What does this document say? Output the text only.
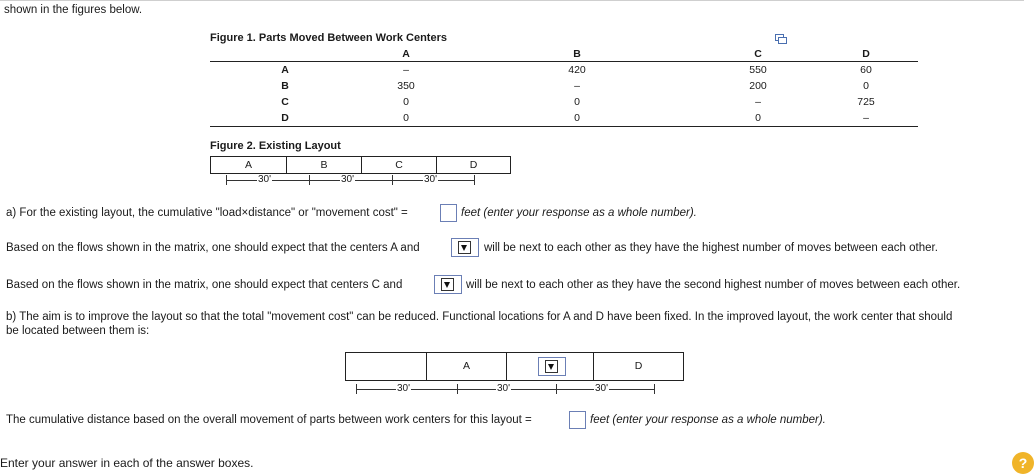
shown in the figures below.
Figure 1. Parts Moved Between Work Centers
	A	B	C	D
A	–	420	550	60
B	350	–	200	0
C	0	0	–	725
D	0	0	0	–
Figure 2. Existing Layout
A	B	C	D
30'	30'	30'
a) For the existing layout, the cumulative "load×distance" or "movement cost" =	feet (enter your response as a whole number).
Based on the flows shown in the matrix, one should expect that the centers A and	will be next to each other as they have the highest number of moves between each other.
Based on the flows shown in the matrix, one should expect that centers C and	will be next to each other as they have the second highest number of moves between each other.
b) The aim is to improve the layout so that the total "movement cost" can be reduced. Functional locations for A and D have been fixed. In the improved layout, the work center that should
be located between them is:
A	D
30'	30'	30'
The cumulative distance based on the overall movement of parts between work centers for this layout =	feet (enter your response as a whole number).
Enter your answer in each of the answer boxes.	?
